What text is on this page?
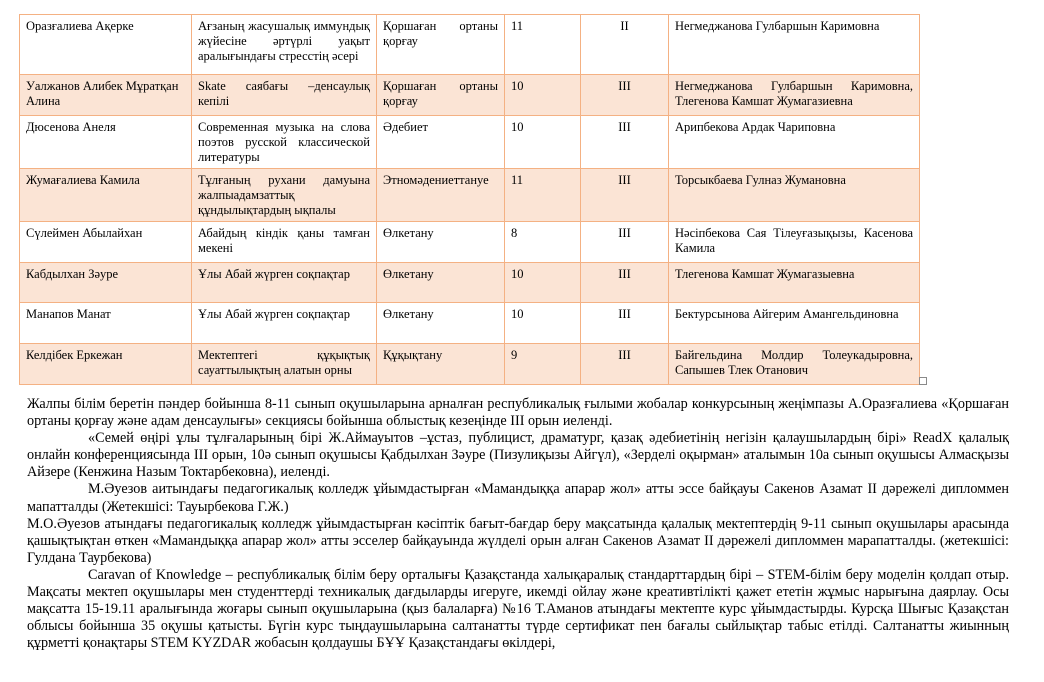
Оразғалиева Ақерке	Ағзаның жасушалық иммундық жүйесіне әртүрлі уақыт аралығындағы стресстің әсері	Қоршаған ортаны қорғау	11	II	Негмеджанова Гулбаршын Каримовна
Уалжанов Алибек Мұратқан Алина	Skate саябағы –денсаулық кепілі	Қоршаған ортаны қорғау	10	III	Негмеджанова Гулбаршын Каримовна, Тлегенова Камшат Жумагазиевна
Дюсенова Анеля	Современная музыка на слова поэтов русской классической литературы	Әдебиет	10	III	Арипбекова Ардак Чариповна
Жумағалиева Камила	Тұлғаның рухани дамуына жалпыадамзаттық құндылықтардың ықпалы	Этномәдениеттануе	11	III	Торсыкбаева Гулназ Жумановна
Сүлеймен Абылайхан	Абайдың кіндік қаны тамған мекені	Өлкетану	8	III	Нәсіпбекова Сая Тілеуғазықызы, Касенова Камила
Кабдылхан Зәуре	Ұлы Абай жүрген соқпақтар	Өлкетану	10	III	Тлегенова Камшат Жумагазыевна
Манапов Манат	Ұлы Абай жүрген соқпақтар	Өлкетану	10	III	Бектурсынова Айгерим Амангельдиновна
Келдібек Еркежан	Мектептегі құқықтық сауаттылықтың алатын орны	Құқықтану	9	III	Байгельдина Молдир Толеукадыровна, Сапышев Тлек Отанович

Жалпы білім беретін пәндер бойынша 8-11 сынып оқушыларына арналған республикалық ғылыми жобалар конкурсының жеңімпазы А.Оразғалиева «Қоршаған ортаны қорғау және адам денсаулығы» секциясы бойынша облыстық кезеңінде III орын иеленді.

«Семей өңірі ұлы тұлғаларының бірі Ж.Аймауытов –ұстаз, публицист, драматург, қазақ әдебиетінің негізін қалаушылардың бірі» ReadX қалалық онлайн конференциясында III орын, 10ә сынып оқушысы Қабдылхан Зәуре (Пизулиқызы Айгүл), «Зерделі оқырман» аталымын 10а сынып оқушысы Алмасқызы Айзере (Кенжина Назым Токтарбековна), иеленді.

М.Әуезов аитындағы педагогикалық колледж ұйымдастырған «Мамандыққа апарар жол» атты эссе байқауы Сакенов Азамат II дәрежелі дипломмен мапатталды (Жетекшісі: Тауырбекова Г.Ж.)

М.О.Әуезов атындағы педагогикалық колледж ұйымдастырған кәсіптік бағыт-бағдар беру мақсатында қалалық мектептердің 9-11 сынып оқушылары арасында қашықтықтан өткен «Мамандыққа апарар жол» атты эсселер байқауында жүлделі орын алған Сакенов Азамат II дәрежелі дипломмен марапатталды. (жетекшісі: Гулдана Таурбекова)

Caravan of Knowledge – республикалық білім беру орталығы Қазақстанда халықаралық стандарттардың бірі – STEM-білім беру моделін қолдап отыр. Мақсаты мектеп оқушылары мен студенттерді техникалық дағдыларды игеруге, икемді ойлау және креативтілікті қажет ететін жұмыс нарығына даярлау. Осы мақсатта 15-19.11 аралығында жоғары сынып оқушыларына (қыз балаларға) №16 Т.Аманов атындағы мектепте курс ұйымдастырды. Курсқа Шығыс Қазақстан облысы бойынша 35 оқушы қатысты. Бүгін курс тыңдаушыларына салтанатты түрде сертификат пен бағалы сыйлықтар табыс етілді. Салтанатты жиынның құрметті қонақтары STEM KYZDAR жобасын қолдаушы БҰҰ Қазақстандағы өкілдері,
